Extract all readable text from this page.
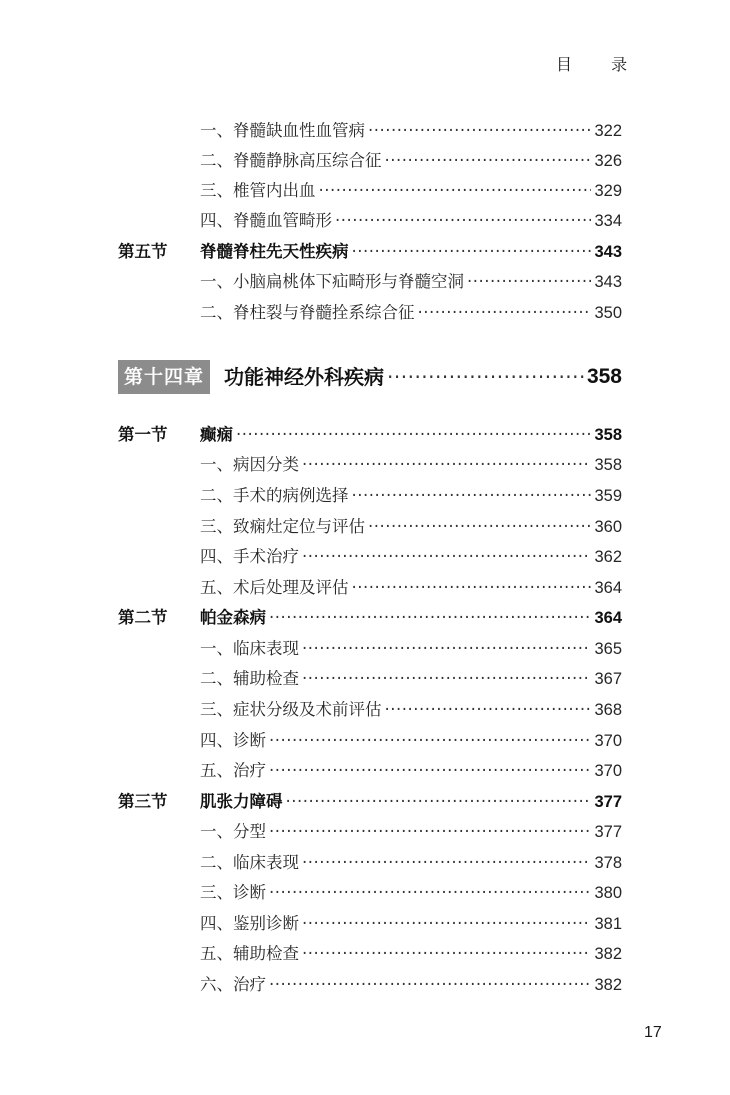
目 录
一、脊髓缺血性血管病 ·····	322
二、脊髓静脉高压综合征 ·····	326
三、椎管内出血 ·····	329
四、脊髓血管畸形 ·····	334
第五节	脊髓脊柱先天性疾病 ·····	343
一、小脑扁桃体下疝畸形与脊髓空洞 ·····	343
二、脊柱裂与脊髓拴系综合征 ·····	350
第十四章	功能神经外科疾病 ·····	358
第一节	癫痫 ·····	358
一、病因分类 ·····	358
二、手术的病例选择 ·····	359
三、致痫灶定位与评估 ·····	360
四、手术治疗 ·····	362
五、术后处理及评估 ·····	364
第二节	帕金森病 ·····	364
一、临床表现 ·····	365
二、辅助检查 ·····	367
三、症状分级及术前评估 ·····	368
四、诊断 ·····	370
五、治疗 ·····	370
第三节	肌张力障碍 ·····	377
一、分型 ·····	377
二、临床表现 ·····	378
三、诊断 ·····	380
四、鉴别诊断 ·····	381
五、辅助检查 ·····	382
六、治疗 ·····	382
17
